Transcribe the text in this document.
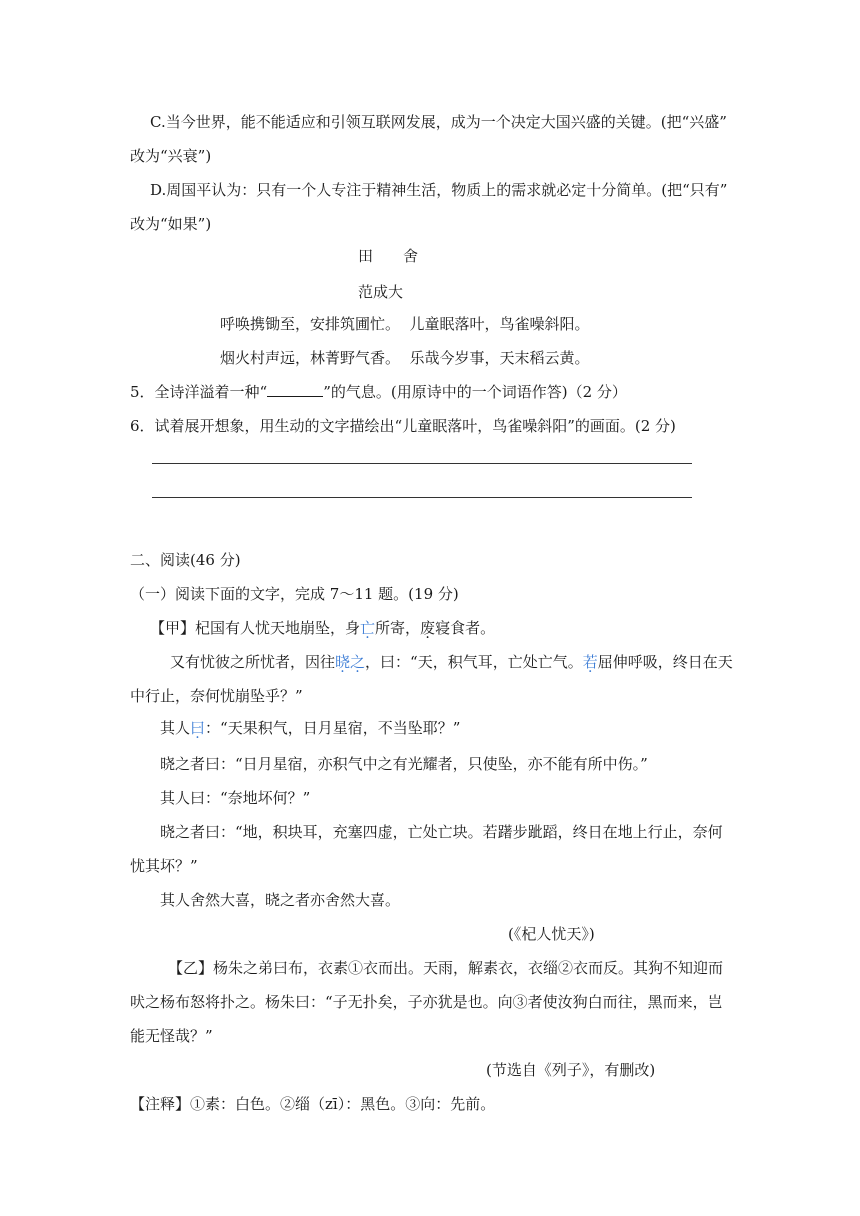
C.当今世界，能不能适应和引领互联网发展，成为一个决定大国兴盛的关键。(把“兴盛”
改为“兴衰”)
D.周国平认为：只有一个人专注于精神生活，物质上的需求就必定十分简单。(把“只有”
改为“如果”)
田　　舍
范成大
呼唤携锄至，安排筑圃忙。  儿童眠落叶，鸟雀噪斜阳。
烟火村声远，林菁野气香。  乐哉今岁事，天末稻云黄。
5．全诗洋溢着一种“	”的气息。(用原诗中的一个词语作答)（2 分）
6．试着展开想象，用生动的文字描绘出“儿童眠落叶，鸟雀噪斜阳”的画面。(2 分)
二、阅读(46 分)
（一）阅读下面的文字，完成 7～11 题。(19 分)
【甲】杞国有人忧天地崩坠，身亡所寄，废寝食者。
又有忧彼之所忧者，因往晓之，曰：“天，积气耳，亡处亡气。若屈伸呼吸，终日在天
中行止，奈何忧崩坠乎？”
其人曰：“天果积气，日月星宿，不当坠耶？”
晓之者曰：“日月星宿，亦积气中之有光耀者，只使坠，亦不能有所中伤。”
其人曰：“奈地坏何？”
晓之者曰：“地，积块耳，充塞四虚，亡处亡块。若躇步跐蹈，终日在地上行止，奈何
忧其坏？”
其人舍然大喜，晓之者亦舍然大喜。
(《杞人忧天》)
【乙】杨朱之弟曰布，衣素①衣而出。天雨，解素衣，衣缁②衣而反。其狗不知迎而
吠之杨布怒将扑之。杨朱曰：“子无扑矣，子亦犹是也。向③者使汝狗白而往，黑而来，岂
能无怪哉？”
(节选自《列子》，有删改)
【注释】①素：白色。②缁（zī）：黑色。③向：先前。
